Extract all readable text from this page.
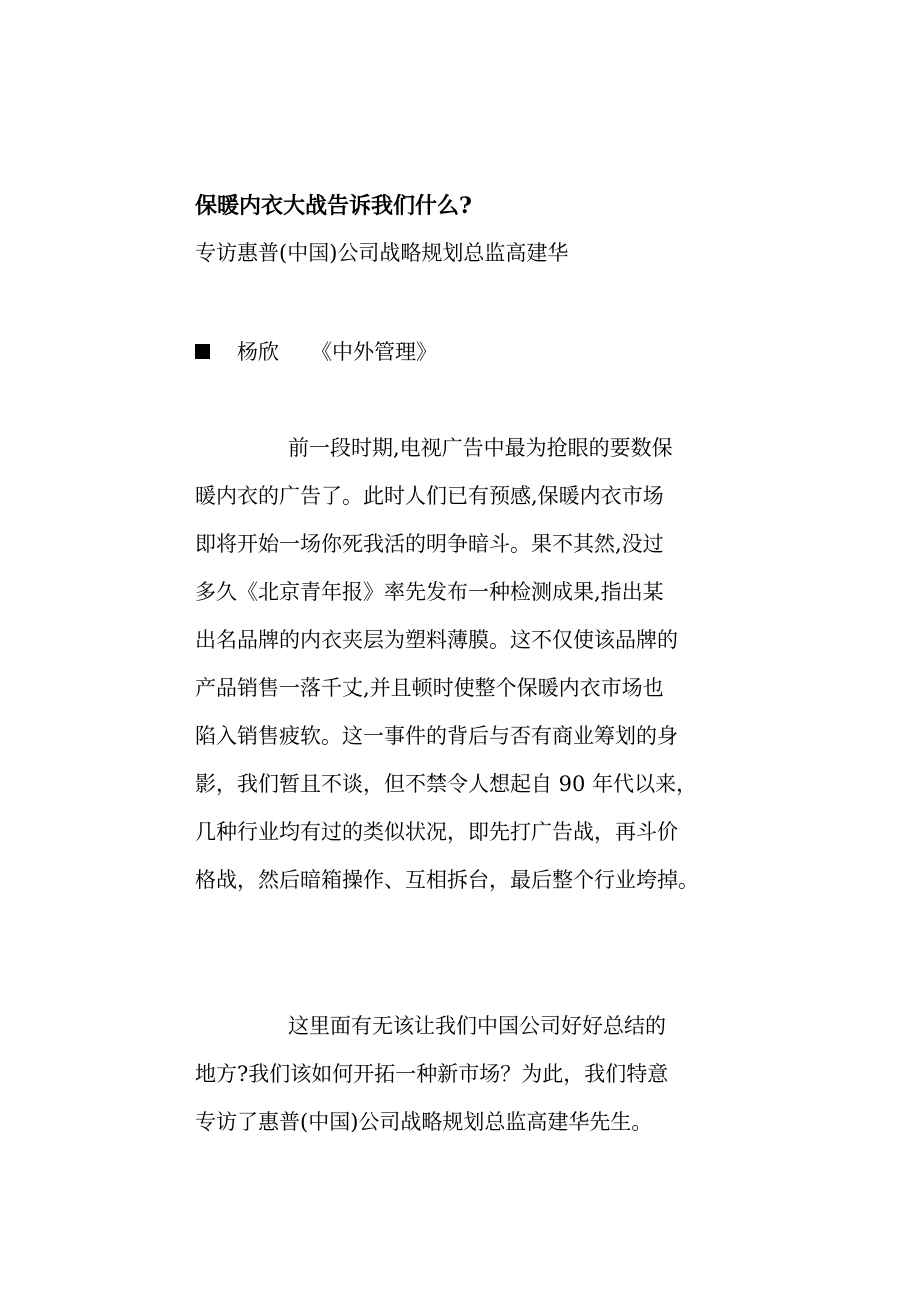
保暖内衣大战告诉我们什么?
专访惠普(中国)公司战略规划总监高建华
杨欣 《中外管理》
前一段时期,电视广告中最为抢眼的要数保
暖内衣的广告了。此时人们已有预感,保暖内衣市场
即将开始一场你死我活的明争暗斗。果不其然,没过
多久《北京青年报》率先发布一种检测成果,指出某
出名品牌的内衣夹层为塑料薄膜。这不仅使该品牌的
产品销售一落千丈,并且顿时使整个保暖内衣市场也
陷入销售疲软。这一事件的背后与否有商业筹划的身
影，我们暂且不谈，但不禁令人想起自 90 年代以来，
几种行业均有过的类似状况，即先打广告战，再斗价
格战，然后暗箱操作、互相拆台，最后整个行业垮掉。
这里面有无该让我们中国公司好好总结的
地方?我们该如何开拓一种新市场？为此，我们特意
专访了惠普(中国)公司战略规划总监高建华先生。
